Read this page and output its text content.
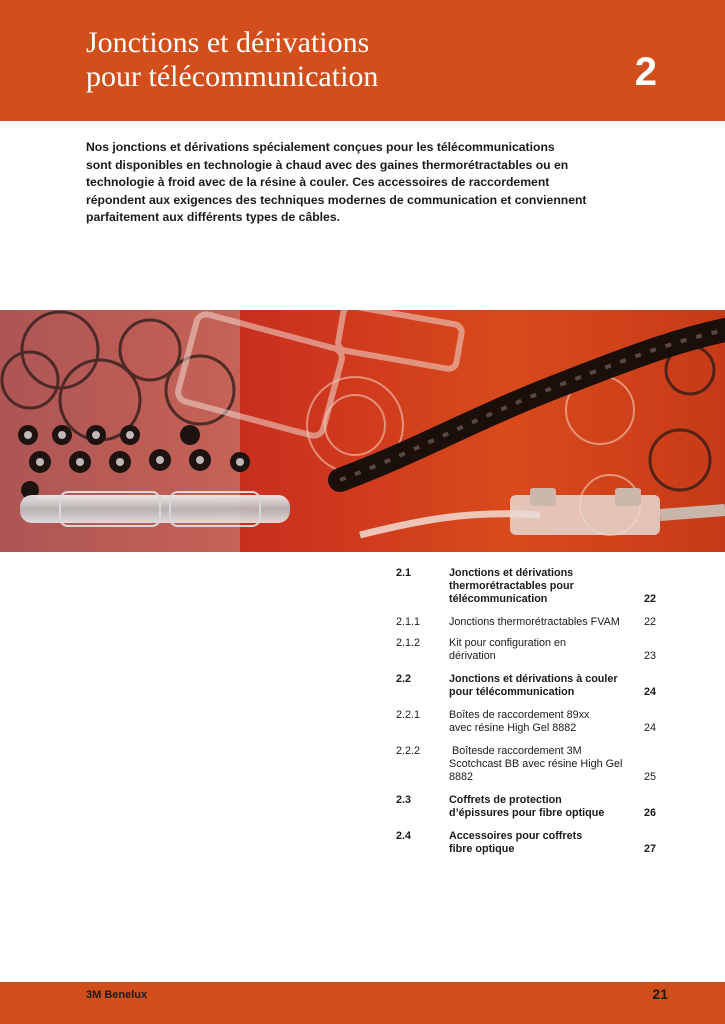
Jonctions et dérivations
pour télécommunication	2

Nos jonctions et dérivations spécialement conçues pour les télécommunications
sont disponibles en technologie à chaud avec des gaines thermorétractables ou en
technologie à froid avec de la résine à couler. Ces accessoires de raccordement
répondent aux exigences des techniques modernes de communication et conviennent
parfaitement aux différents types de câbles.

2.1	Jonctions et dérivations
thermorétractables pour
télécommunication	22
2.1.1	Jonctions thermorétractables FVAM	22
2.1.2	Kit pour configuration en
dérivation	23
2.2	Jonctions et dérivations à couler
pour télécommunication	24
2.2.1	Boîtes de raccordement 89xx
avec résine High Gel 8882	24
2.2.2	Boîtesde raccordement 3M
Scotchcast BB avec résine High Gel
8882	25
2.3	Coffrets de protection
d’épissures pour fibre optique	26
2.4	Accessoires pour coffrets
fibre optique	27
3M Benelux	21
